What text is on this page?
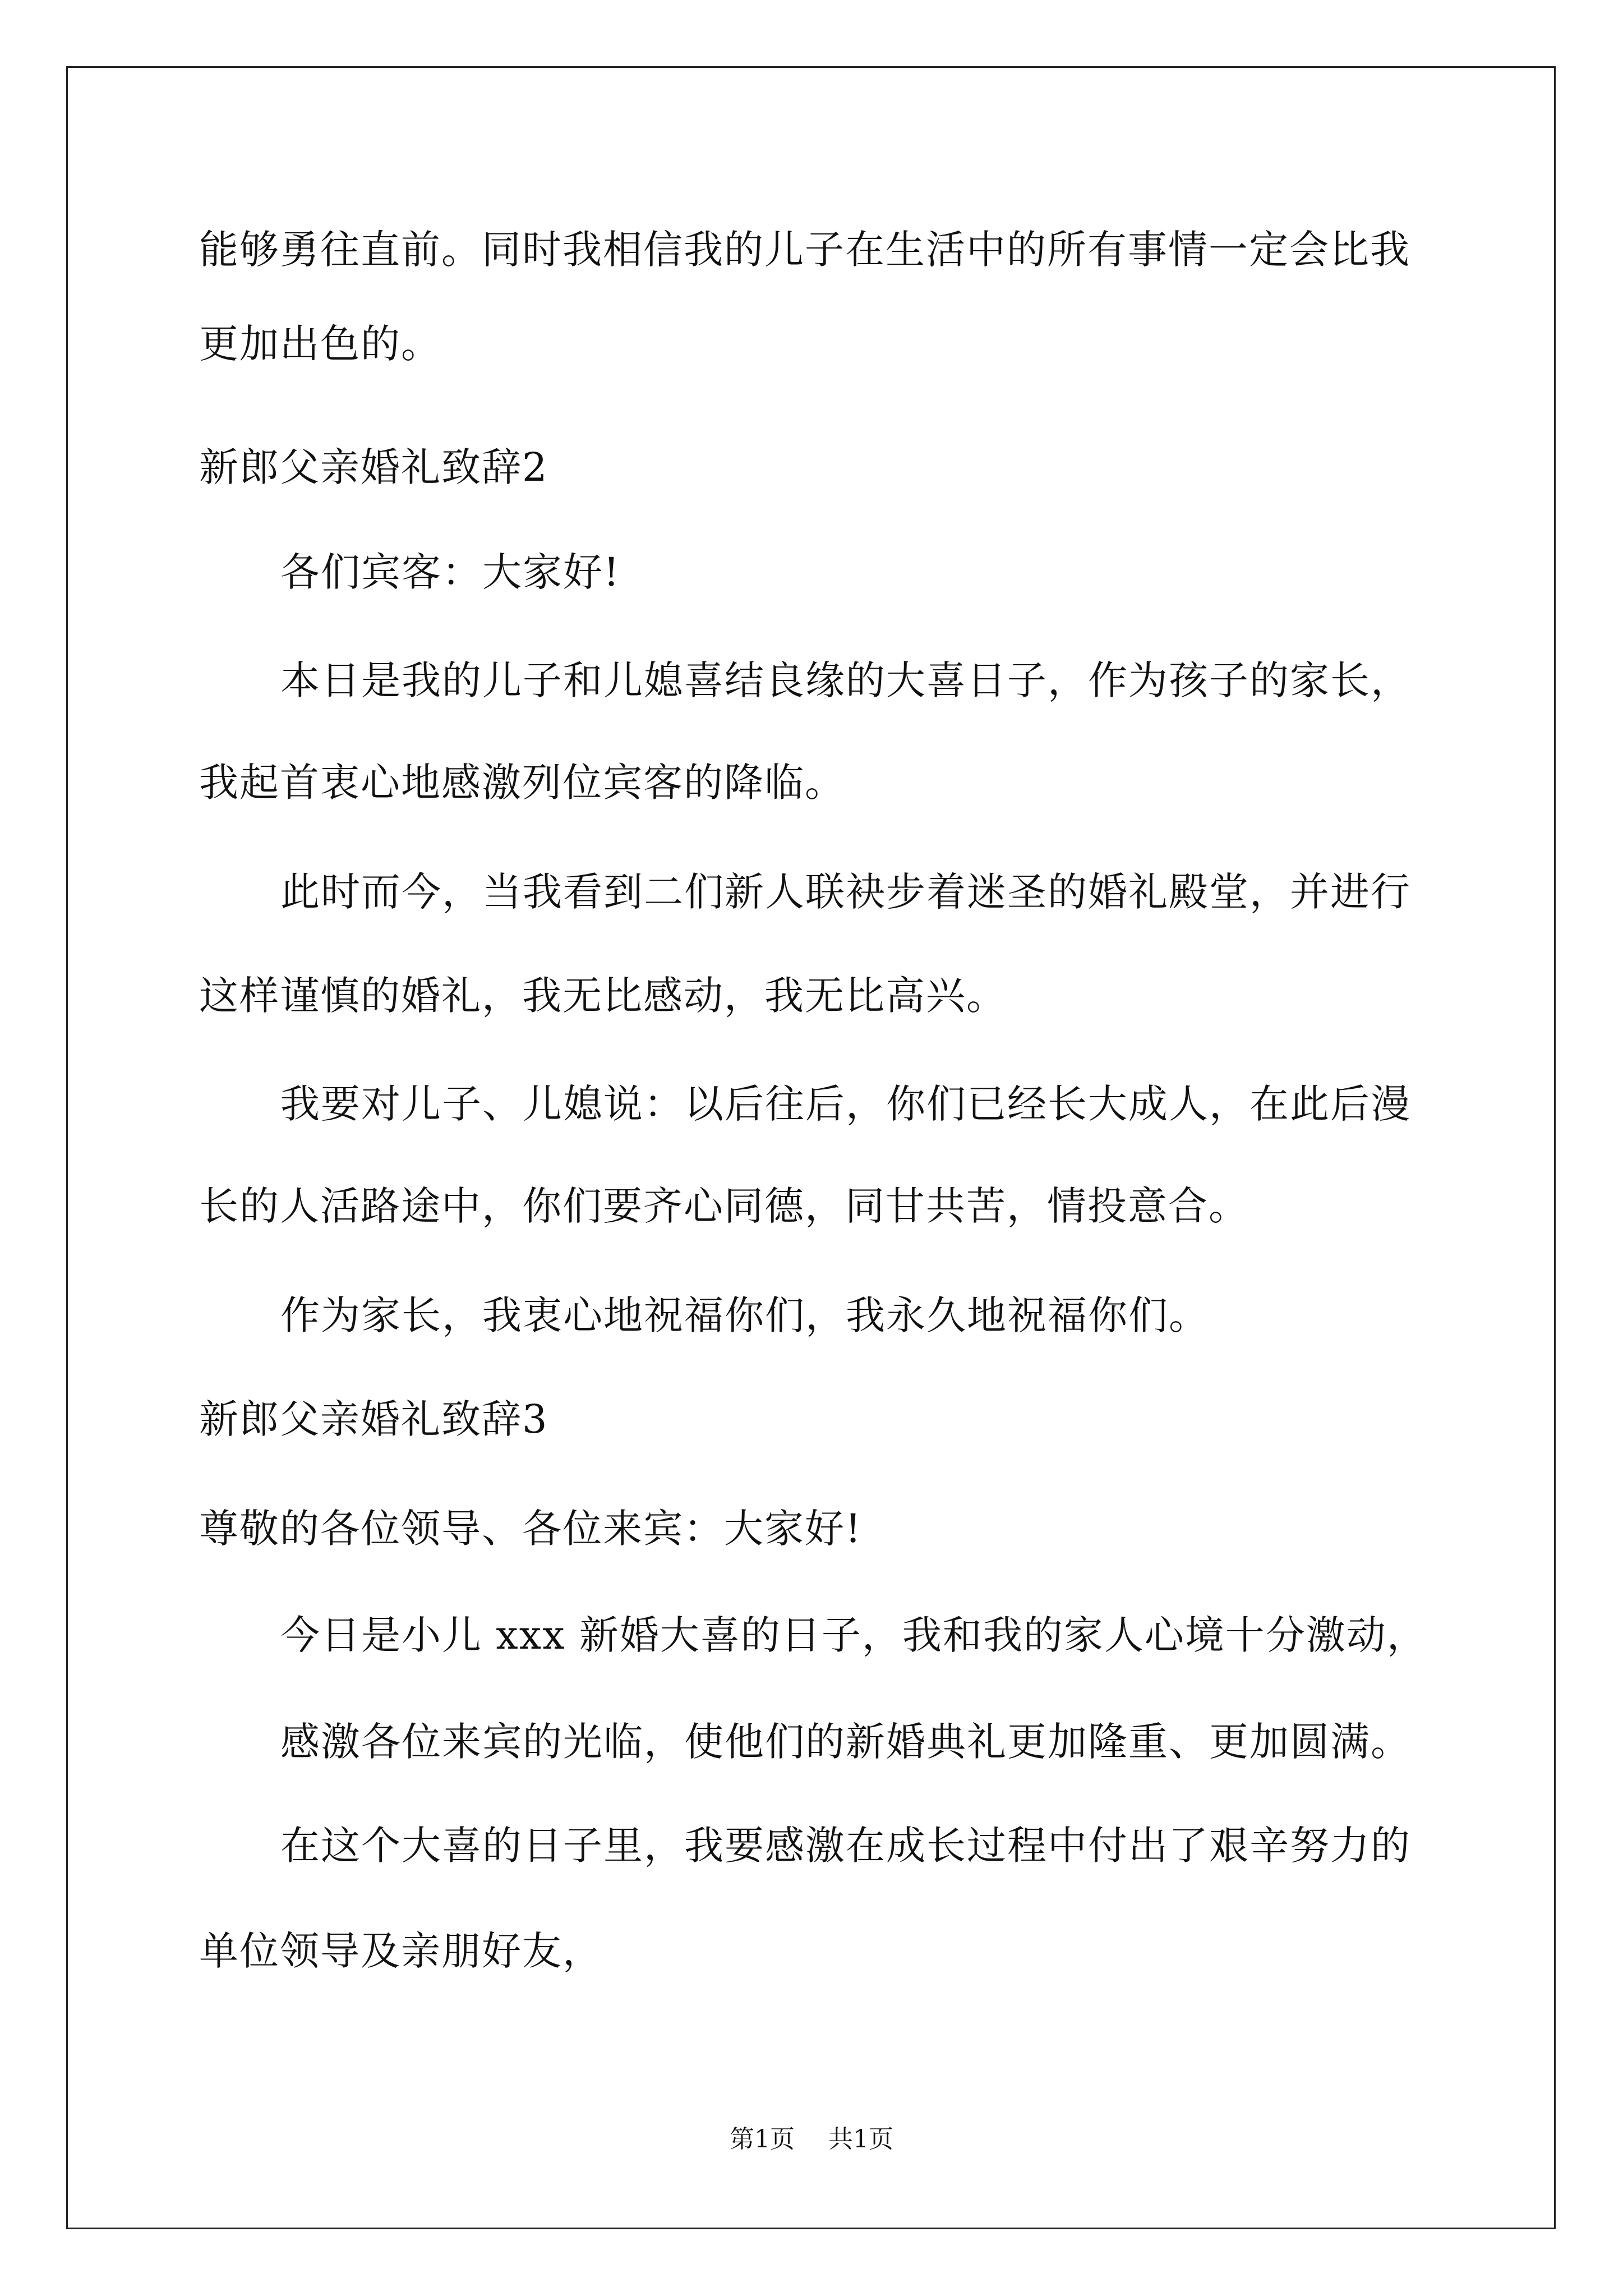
能够勇往直前。同时我相信我的儿子在生活中的所有事情一定会比我
更加出色的。
新郎父亲婚礼致辞2
各们宾客：大家好!
本日是我的儿子和儿媳喜结良缘的大喜日子，作为孩子的家长，
我起首衷心地感激列位宾客的降临。
此时而今，当我看到二们新人联袂步着迷圣的婚礼殿堂，并进行
这样谨慎的婚礼，我无比感动，我无比高兴。
我要对儿子、儿媳说：以后往后，你们已经长大成人，在此后漫
长的人活路途中，你们要齐心同德，同甘共苦，情投意合。
作为家长，我衷心地祝福你们，我永久地祝福你们。
新郎父亲婚礼致辞3
尊敬的各位领导、各位来宾：大家好!
今日是小儿 xxx 新婚大喜的日子，我和我的家人心境十分激动，
感激各位来宾的光临，使他们的新婚典礼更加隆重、更加圆满。
在这个大喜的日子里，我要感激在成长过程中付出了艰辛努力的
单位领导及亲朋好友，
第1页 共1页
